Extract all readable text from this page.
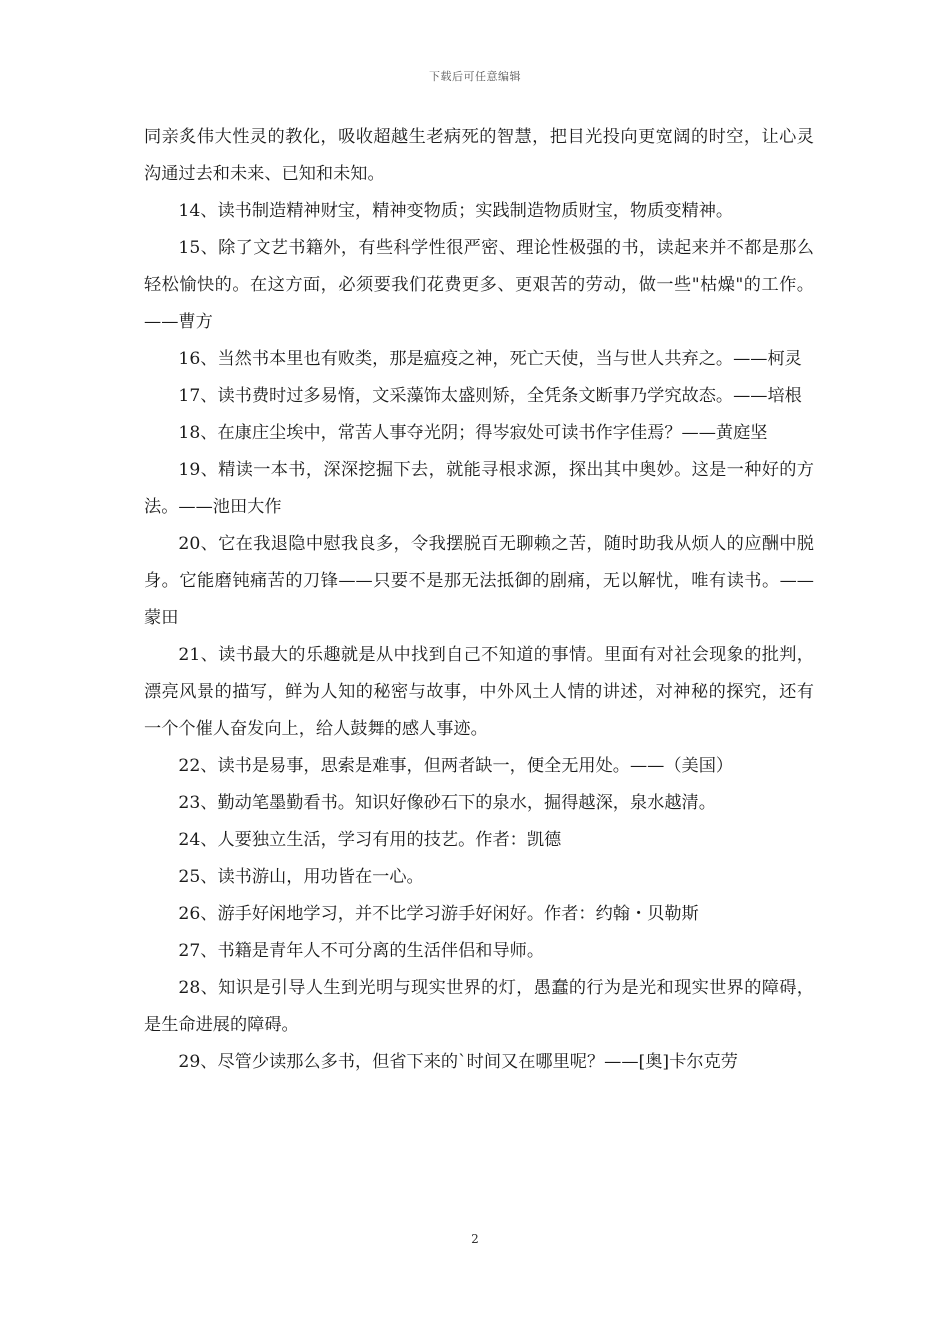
下载后可任意编辑

同亲炙伟大性灵的教化，吸收超越生老病死的智慧，把目光投向更宽阔的时空，让心灵沟通过去和未来、已知和未知。

14、读书制造精神财宝，精神变物质；实践制造物质财宝，物质变精神。

15、除了文艺书籍外，有些科学性很严密、理论性极强的书，读起来并不都是那么轻松愉快的。在这方面，必须要我们花费更多、更艰苦的劳动，做一些"枯燥"的工作。——曹方

16、当然书本里也有败类，那是瘟疫之神，死亡天使，当与世人共弃之。——柯灵

17、读书费时过多易惰，文采藻饰太盛则矫，全凭条文断事乃学究故态。——培根

18、在康庄尘埃中，常苦人事夺光阴；得岑寂处可读书作字佳焉？——黄庭坚

19、精读一本书，深深挖掘下去，就能寻根求源，探出其中奥妙。这是一种好的方法。——池田大作

20、它在我退隐中慰我良多，令我摆脱百无聊赖之苦，随时助我从烦人的应酬中脱身。它能磨钝痛苦的刀锋——只要不是那无法抵御的剧痛，无以解忧，唯有读书。——蒙田

21、读书最大的乐趣就是从中找到自己不知道的事情。里面有对社会现象的批判，漂亮风景的描写，鲜为人知的秘密与故事，中外风土人情的讲述，对神秘的探究，还有一个个催人奋发向上，给人鼓舞的感人事迹。

22、读书是易事，思索是难事，但两者缺一，便全无用处。——（美国）

23、勤动笔墨勤看书。知识好像砂石下的泉水，掘得越深，泉水越清。

24、人要独立生活，学习有用的技艺。作者：凯德

25、读书游山，用功皆在一心。

26、游手好闲地学习，并不比学习游手好闲好。作者：约翰・贝勒斯

27、书籍是青年人不可分离的生活伴侣和导师。

28、知识是引导人生到光明与现实世界的灯，愚蠢的行为是光和现实世界的障碍，是生命进展的障碍。

29、尽管少读那么多书，但省下来的`时间又在哪里呢？——[奥]卡尔克劳

2
